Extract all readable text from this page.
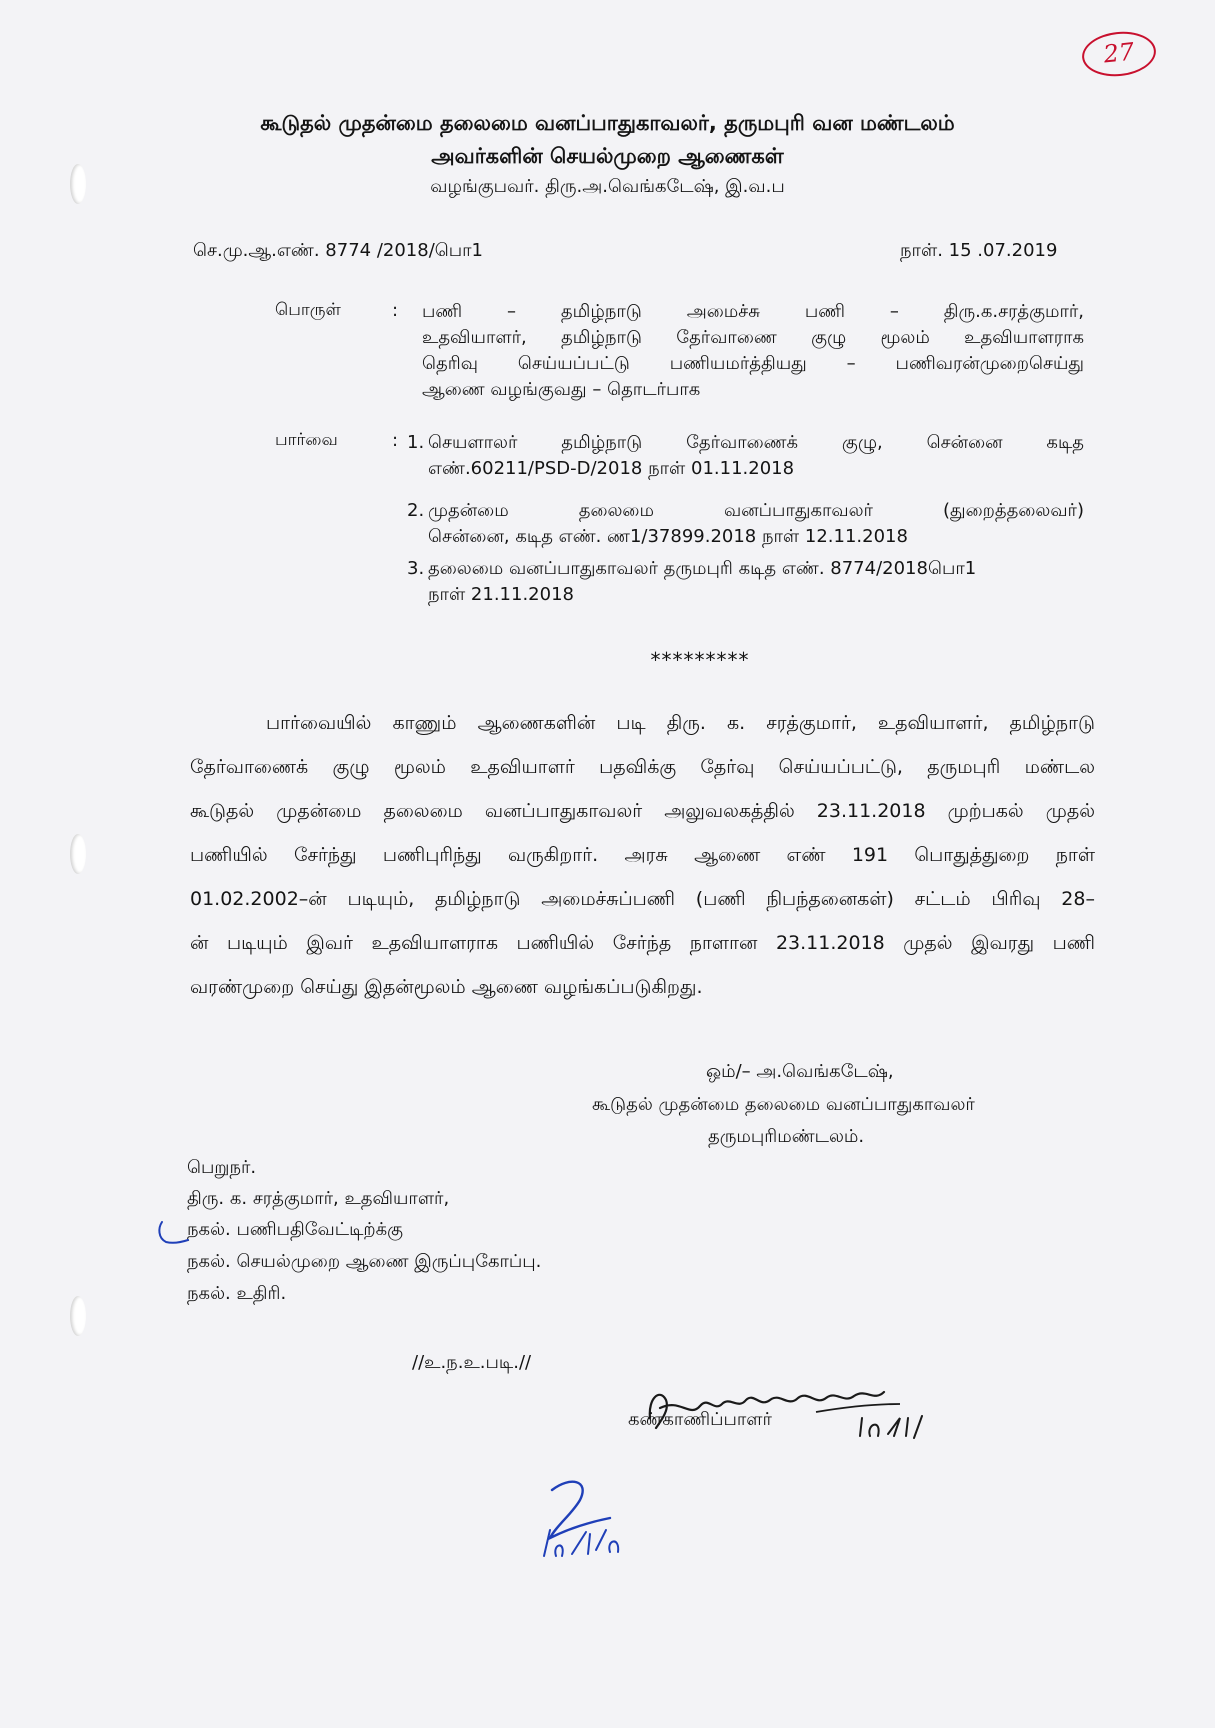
27
கூடுதல் முதன்மை தலைமை வனப்பாதுகாவலர், தருமபுரி வன மண்டலம்
அவர்களின் செயல்முறை ஆணைகள்
வழங்குபவர். திரு.அ.வெங்கடேஷ், இ.வ.ப
செ.மு.ஆ.எண். 8774 /2018/பொ1	நாள். 15 .07.2019
பொருள்	: பணி – தமிழ்நாடு அமைச்சு பணி – திரு.க.சரத்குமார்,
உதவியாளர், தமிழ்நாடு தேர்வாணை குழு மூலம் உதவியாளராக
தெரிவு செய்யப்பட்டு பணியமர்த்தியது – பணிவரன்முறைசெய்து
ஆணை வழங்குவது – தொடர்பாக
பார்வை	: 1. செயளாலர் தமிழ்நாடு தேர்வாணைக் குழு, சென்னை கடித
எண்.60211/PSD-D/2018 நாள் 01.11.2018
2. முதன்மை தலைமை வனப்பாதுகாவலர் (துறைத்தலைவர்)
சென்னை, கடித எண். ண1/37899.2018 நாள் 12.11.2018
3. தலைமை வனப்பாதுகாவலர் தருமபுரி கடித எண். 8774/2018பொ1
நாள் 21.11.2018
*********
பார்வையில் காணும் ஆணைகளின் படி திரு. க. சரத்குமார், உதவியாளர், தமிழ்நாடு
தேர்வாணைக் குழு மூலம் உதவியாளர் பதவிக்கு தேர்வு செய்யப்பட்டு, தருமபுரி மண்டல
கூடுதல் முதன்மை தலைமை வனப்பாதுகாவலர் அலுவலகத்தில் 23.11.2018 முற்பகல் முதல்
பணியில் சேர்ந்து பணிபுரிந்து வருகிறார். அரசு ஆணை எண் 191 பொதுத்துறை நாள்
01.02.2002–ன் படியும், தமிழ்நாடு அமைச்சுப்பணி (பணி நிபந்தனைகள்) சட்டம் பிரிவு 28–
ன் படியும் இவர் உதவியாளராக பணியில் சேர்ந்த நாளான 23.11.2018 முதல் இவரது பணி
வரண்முறை செய்து இதன்மூலம் ஆணை வழங்கப்படுகிறது.
ஒம்/– அ.வெங்கடேஷ்,
கூடுதல் முதன்மை தலைமை வனப்பாதுகாவலர்
தருமபுரிமண்டலம்.
பெறுநர்.
திரு. க. சரத்குமார், உதவியாளர்,
நகல். பணிபதிவேட்டிற்க்கு
நகல். செயல்முறை ஆணை இருப்புகோப்பு.
நகல். உதிரி.
//உ.ந.உ.படி.//
கண்காணிப்பாளர்
